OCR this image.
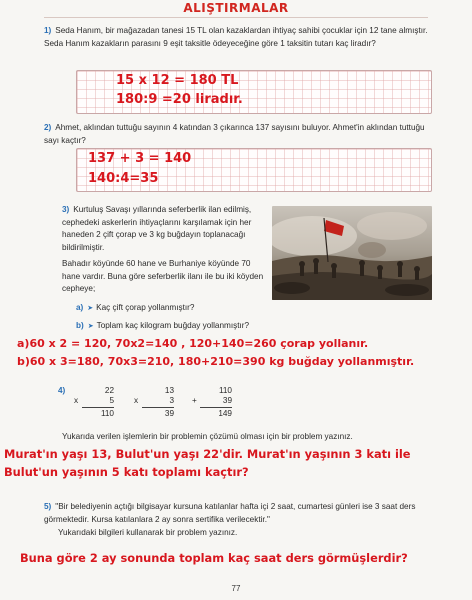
ALIŞTIRMALAR
1) Seda Hanım, bir mağazadan tanesi 15 TL olan kazaklardan ihtiyaç sahibi çocuklar için 12 tane almıştır. Seda Hanım kazakların parasını 9 eşit taksitle ödeyeceğine göre 1 taksitin tutarı kaç liradır?
15 x 12 = 180 TL
180:9 =20 liradır.
2) Ahmet, aklından tuttuğu sayının 4 katından 3 çıkarınca 137 sayısını buluyor. Ahmet'in aklından tuttuğu sayı kaçtır?
137 + 3 = 140
140:4=35
3) Kurtuluş Savaşı yıllarında seferberlik ilan edilmiş, cephedeki askerlerin ihtiyaçlarını karşılamak için her haneden 2 çift çorap ve 3 kg buğdayın toplanacağı bildirilmiştir.
Bahadır köyünde 60 hane ve Burhaniye köyünde 70 hane vardır. Buna göre seferberlik ilanı ile bu iki köyden cepheye;
a) ➤ Kaç çift çorap yollanmıştır?
b) ➤ Toplam kaç kilogram buğday yollanmıştır?
a)60 x 2 = 120, 70x2=140 , 120+140=260 çorap yollanır.
b)60 x 3=180, 70x3=210, 180+210=390 kg buğday yollanmıştır.
4)	22
5
x
110
13
3
x
39
110
39
+
149
Yukarıda verilen işlemlerin bir problemin çözümü olması için bir problem yazınız.
Murat'ın yaşı 13, Bulut'un yaşı 22'dir. Murat'ın yaşının 3 katı ile
Bulut'un yaşının 5 katı toplamı kaçtır?
5) "Bir belediyenin açtığı bilgisayar kursuna katılanlar hafta içi 2 saat, cumartesi günleri ise 3 saat ders görmektedir. Kursa katılanlara 2 ay sonra sertifika verilecektir."
Yukarıdaki bilgileri kullanarak bir problem yazınız.
Buna göre 2 ay sonunda toplam kaç saat ders görmüşlerdir?
77
